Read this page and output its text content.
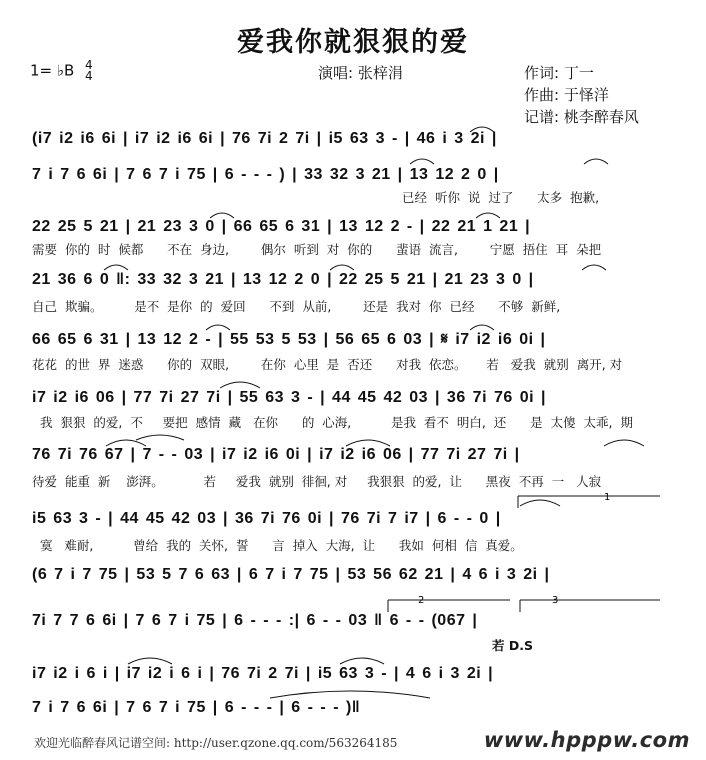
爱我你就狠狠的爱
1= ♭B 4
4	演唱: 张梓涓	作词: 丁一
作曲: 于怿洋
记谱: 桃李醉春风
(i7 i2 i6 6i | i7 i2 i6 6i | 76 7i 2 7i | i5 63 3 - | 46 i 3 2i |
7 i 7 6 6i | 7 6 7 i 75 | 6 - - - ) | 33 32 3 21 | 13 12 2 0 |
已经  听你  说  过了      太多  抱歉,
22 25 5 21 | 21 23 3 0 | 66 65 6 31 | 13 12 2 - | 22 21 1 21 |
需要  你的  时  候都      不在  身边,        偶尔  听到  对  你的      蜚语  流言,        宁愿  捂住  耳  朵把
21 36 6 0 ‖: 33 32 3 21 | 13 12 2 0 | 22 25 5 21 | 21 23 3 0 |
自己  欺骗。        是不  是你  的  爱回      不到  从前,        还是  我对  你  已经      不够  新鲜,
66 65 6 31 | 13 12 2 - | 55 53 5 53 | 56 65 6 03 | 𝄋 i7 i2 i6 0i |
花花  的世  界  迷惑      你的  双眼,        在你  心里  是  否还      对我  依恋。     若   爱我  就别  离开, 对
i7 i2 i6 06 | 77 7i 27 7i | 55 63 3 - | 44 45 42 03 | 36 7i 76 0i |
我  狠狠  的爱,  不     要把  感情  藏   在你      的  心海,          是我  看不  明白,  还      是  太傻  太乖,  期
76 7i 76 67 | 7 - - 03 | i7 i2 i6 0i | i7 i2 i6 06 | 77 7i 27 7i |
待爱  能重  新    澎湃。          若     爱我  就别  徘徊, 对     我狠狠  的爱,  让      黑夜  不再  一   人寂
i5 63 3 - | 44 45 42 03 | 36 7i 76 0i | 76 7i 7 i7 | 6 - - 0 |
寞   难耐,          曾给  我的  关怀,  誓      言  掉入  大海,  让      我如  何相  信  真爱。
(6 7 i 7 75 | 53 5 7 6 63 | 6 7 i 7 75 | 53 56 62 21 | 4 6 i 3 2i |
7i 7 7 6 6i | 7 6 7 i 75 | 6 - - - :| 6 - - 03 ‖ 6 - - (067 |
若 D.S
i7 i2 i 6 i | i7 i2 i 6 i | 76 7i 2 7i | i5 63 3 - | 4 6 i 3 2i |
7 i 7 6 6i | 7 6 7 i 75 | 6 - - - | 6 - - - )‖
1
2	3
欢迎光临醉春风记谱空间: http://user.qzone.qq.com/563264185	www.hpppw.com
